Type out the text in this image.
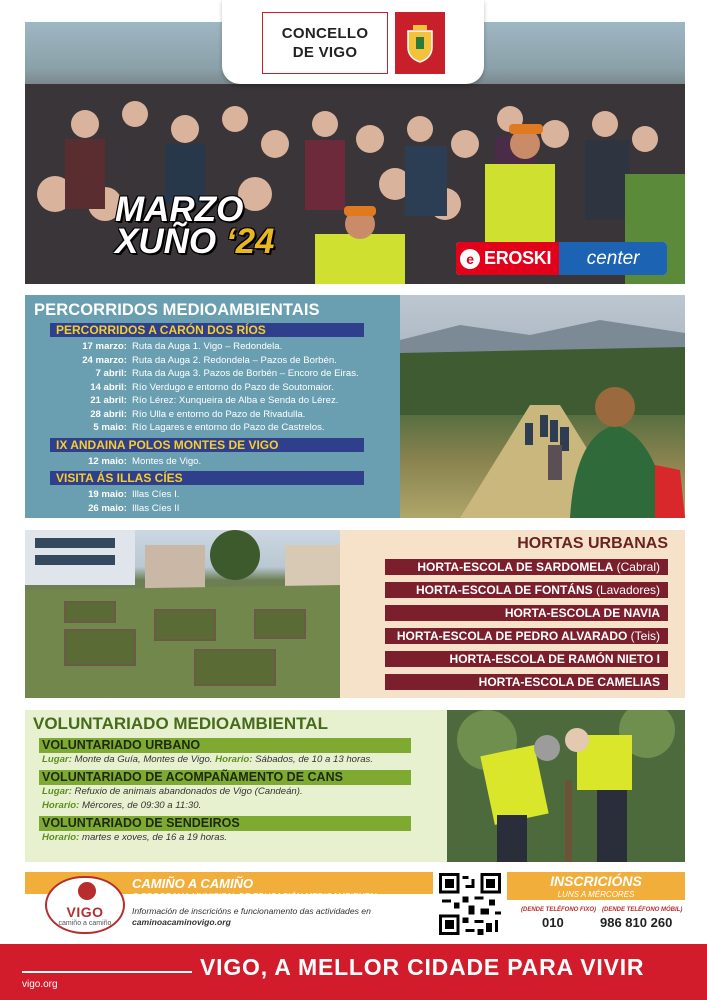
MARZO
XUÑO ‘24	e EROSKI	center
CONCELLO
DE VIGO
PERCORRIDOS MEDIOAMBIENTAIS
PERCORRIDOS A CARÓN DOS RÍOS
17 marzo: Ruta da Auga 1. Vigo – Redondela.
24 marzo: Ruta da Auga 2. Redondela – Pazos de Borbén.
7 abril: Ruta da Auga 3. Pazos de Borbén – Encoro de Eiras.
14 abril: Río Verdugo e entorno do Pazo de Soutomaior.
21 abril: Río Lérez: Xunqueira de Alba e Senda do Lérez.
28 abril: Río Ulla e entorno do Pazo de Rivadulla.
5 maio: Río Lagares e entorno do Pazo de Castrelos.
IX ANDAINA POLOS MONTES DE VIGO
12 maio: Montes de Vigo.
VISITA ÁS ILLAS CÍES
19 maio: Illas Cíes I.
26 maio: Illas Cíes II
HORTAS URBANAS
HORTA-ESCOLA DE SARDOMELA (Cabral)
HORTA-ESCOLA DE FONTÁNS (Lavadores)
HORTA-ESCOLA DE NAVIA
HORTA-ESCOLA DE PEDRO ALVARADO (Teis)
HORTA-ESCOLA DE RAMÓN NIETO I
HORTA-ESCOLA DE CAMELIAS
VOLUNTARIADO MEDIOAMBIENTAL
VOLUNTARIADO URBANO
Lugar: Monte da Guía, Montes de Vigo. Horario: Sábados, de 10 a 13 horas.
VOLUNTARIADO DE ACOMPAÑAMENTO DE CANS
Lugar: Refuxio de animais abandonados de Vigo (Candeán).
Horario: Mércores, de 09:30 a 11:30.
VOLUNTARIADO DE SENDEIROS
Horario: martes e xoves, de 16 a 19 horas.
VIGO
camiño a camiño
CAMIÑO A CAMIÑO
O PROGRAMA MUNICIPAL DE EDUCACIÓN MEDIOAMBIENTAL
Información de inscricións e funcionamento das actividades en
caminoacaminovigo.org
INSCRICIÓNS
LUNS A MÉRCORES
(DENDE TELÉFONO FIXO)
010
(DENDE TELÉFONO MÓBIL)
986 810 260
VIGO, A MELLOR CIDADE PARA VIVIR
vigo.org
